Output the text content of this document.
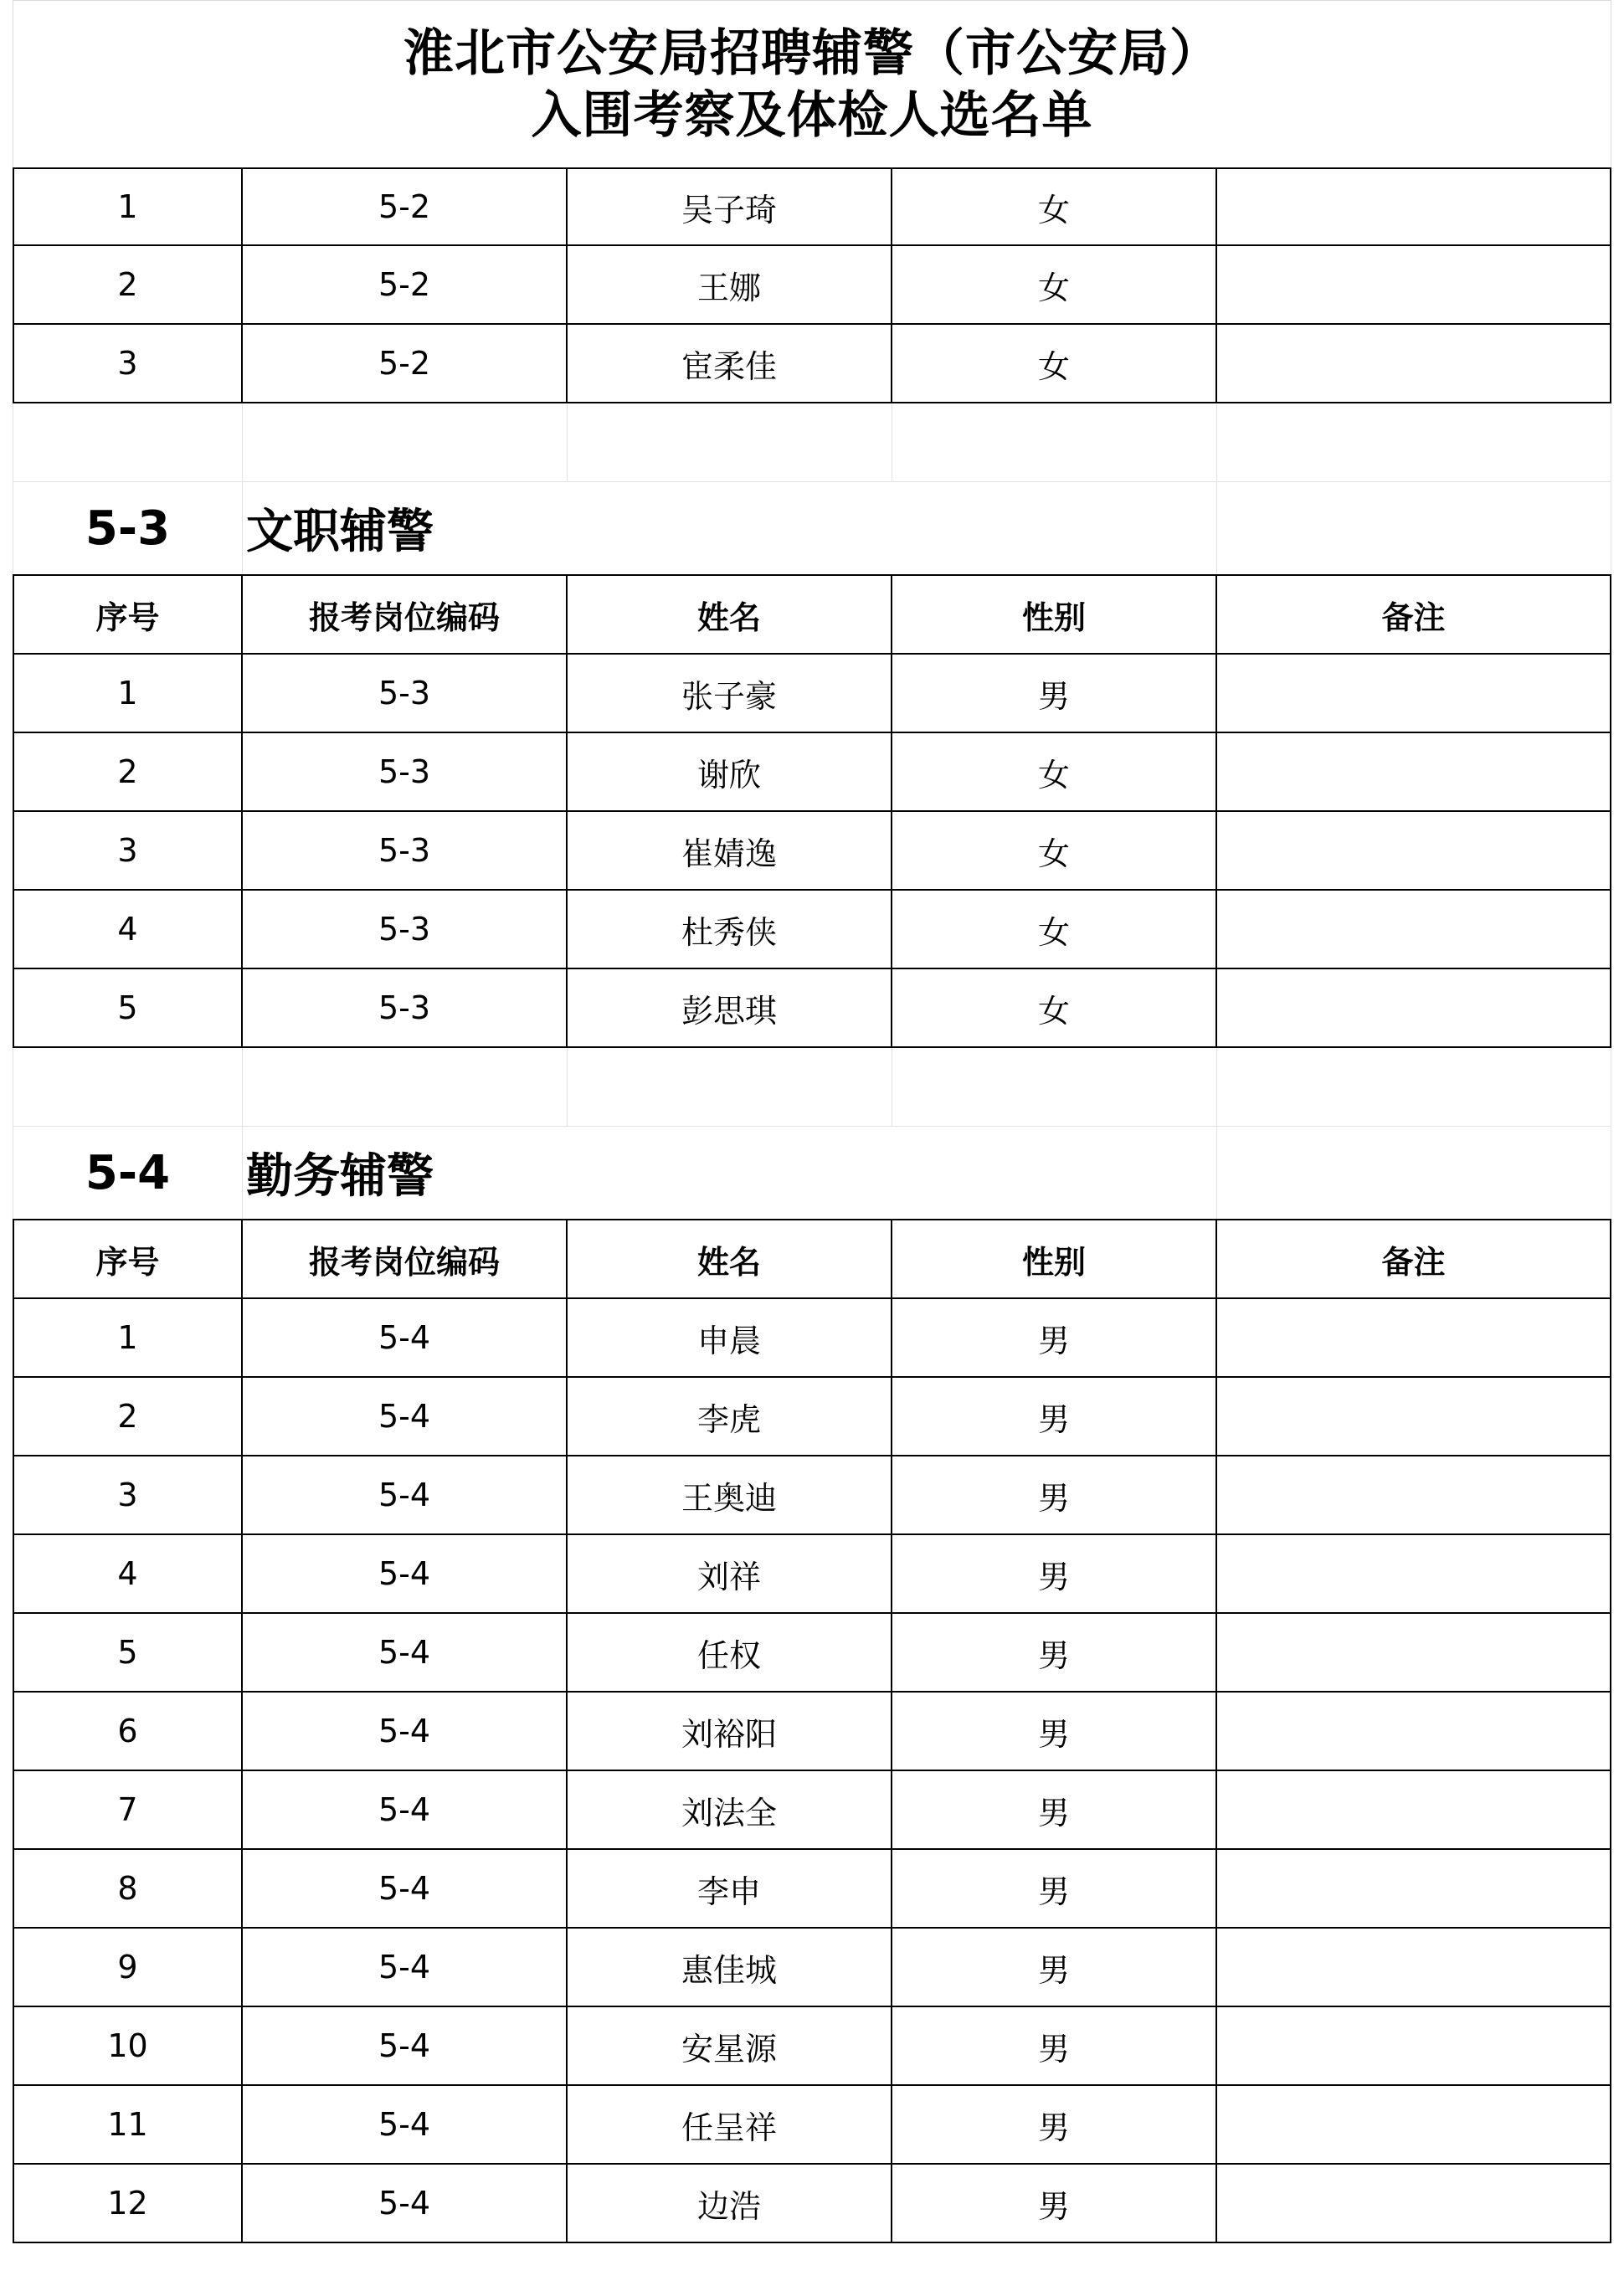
淮北市公安局招聘辅警（市公安局）
入围考察及体检人选名单
1	5-2	吴子琦	女
2	5-2	王娜	女
3	5-2	宦柔佳	女
5-3	文职辅警
序号	报考岗位编码	姓名	性别	备注
1	5-3	张子豪	男
2	5-3	谢欣	女
3	5-3	崔婧逸	女
4	5-3	杜秀侠	女
5	5-3	彭思琪	女
5-4	勤务辅警
序号	报考岗位编码	姓名	性别	备注
1	5-4	申晨	男
2	5-4	李虎	男
3	5-4	王奥迪	男
4	5-4	刘祥	男
5	5-4	任权	男
6	5-4	刘裕阳	男
7	5-4	刘法全	男
8	5-4	李申	男
9	5-4	惠佳城	男
10	5-4	安星源	男
11	5-4	任呈祥	男
12	5-4	边浩	男
